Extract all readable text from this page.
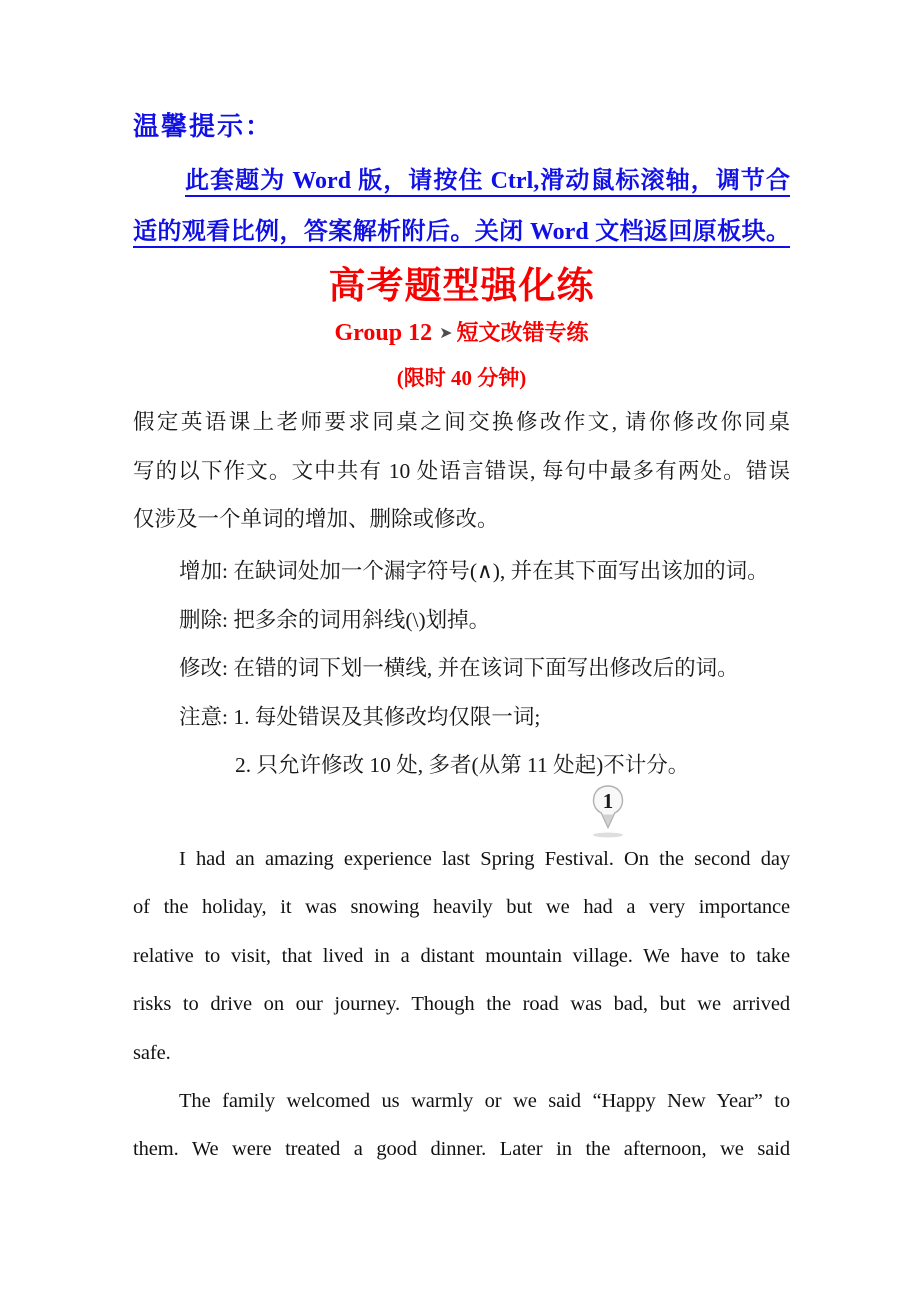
温馨提示：
此套题为 Word 版，请按住 Ctrl,滑动鼠标滚轴，调节合
适的观看比例，答案解析附后。关闭 Word 文档返回原板块。
高考题型强化练
Group 12 ➤ 短文改错专练
(限时 40 分钟)
假定英语课上老师要求同桌之间交换修改作文, 请你修改你同桌
写的以下作文。文中共有 10 处语言错误, 每句中最多有两处。错误
仅涉及一个单词的增加、删除或修改。
增加: 在缺词处加一个漏字符号(∧), 并在其下面写出该加的词。
删除: 把多余的词用斜线(\)划掉。
修改: 在错的词下划一横线, 并在该词下面写出修改后的词。
注意: 1. 每处错误及其修改均仅限一词;
2. 只允许修改 10 处, 多者(从第 11 处起)不计分。
I had an amazing experience last Spring Festival. On the second day
of the holiday, it was snowing heavily but we had a very importance
relative to visit, that lived in a distant mountain village. We have to take
risks to drive on our journey. Though the road was bad, but we arrived
safe.
The family welcomed us warmly or we said “Happy New Year” to
them. We were treated a good dinner. Later in the afternoon, we said
1
